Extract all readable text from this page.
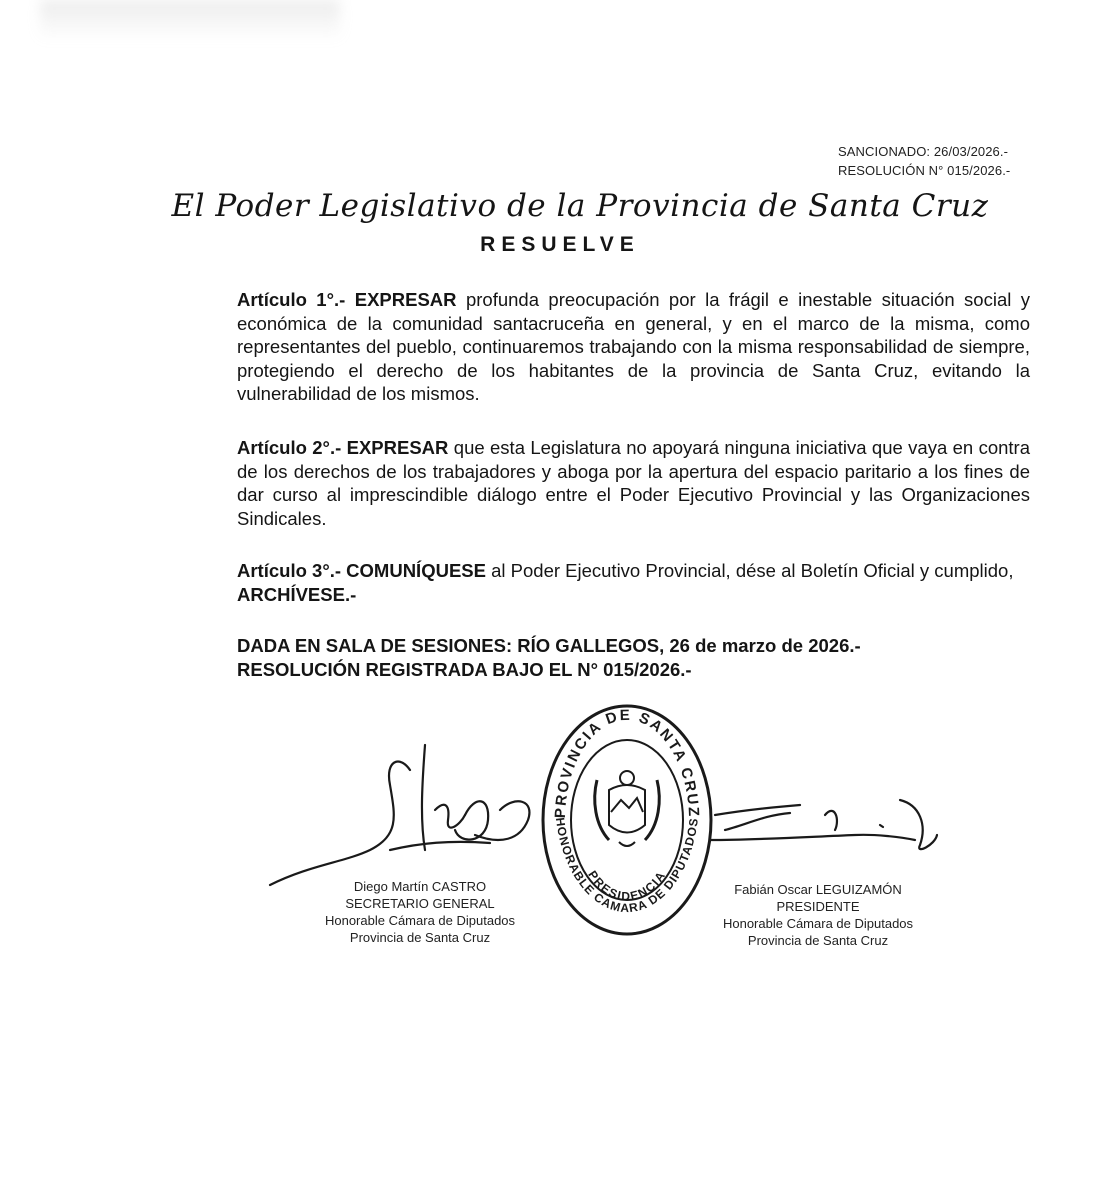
SANCIONADO: 26/03/2026.-
RESOLUCIÓN N° 015/2026.-
El Poder Legislativo de la Provincia de Santa Cruz
RESUELVE
Artículo 1°.- EXPRESAR profunda preocupación por la frágil e inestable situación social y económica de la comunidad santacruceña en general, y en el marco de la misma, como representantes del pueblo, continuaremos trabajando con la misma responsabilidad de siempre, protegiendo el derecho de los habitantes de la provincia de Santa Cruz, evitando la vulnerabilidad de los mismos.
Artículo 2°.- EXPRESAR que esta Legislatura no apoyará ninguna iniciativa que vaya en contra de los derechos de los trabajadores y aboga por la apertura del espacio paritario a los fines de dar curso al imprescindible diálogo entre el Poder Ejecutivo Provincial y las Organizaciones Sindicales.
Artículo 3°.- COMUNÍQUESE al Poder Ejecutivo Provincial, dése al Boletín Oficial y cumplido, ARCHÍVESE.-
DADA EN SALA DE SESIONES: RÍO GALLEGOS, 26 de marzo de 2026.-
RESOLUCIÓN REGISTRADA BAJO EL N° 015/2026.-
Diego Martín CASTRO
SECRETARIO GENERAL
Honorable Cámara de Diputados
Provincia de Santa Cruz
PROVINCIA DE SANTA CRUZ
HONORABLE CAMARA DE DIPUTADOS
PRESIDENCIA
Fabián Oscar LEGUIZAMÓN
PRESIDENTE
Honorable Cámara de Diputados
Provincia de Santa Cruz
